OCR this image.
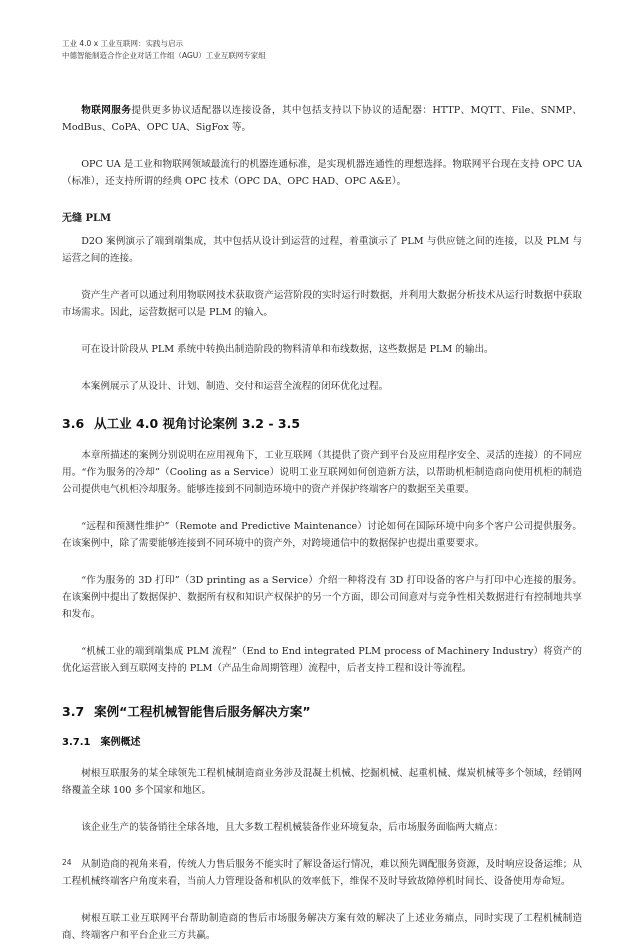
工业 4.0 x 工业互联网：实践与启示
中德智能制造合作企业对话工作组（AGU）工业互联网专家组

物联网服务提供更多协议适配器以连接设备，其中包括支持以下协议的适配器：HTTP、MQTT、File、SNMP、ModBus、CoPA、OPC UA、SigFox 等。

OPC UA 是工业和物联网领域最流行的机器连通标准，是实现机器连通性的理想选择。物联网平台现在支持 OPC UA（标准），还支持所谓的经典 OPC 技术（OPC DA、OPC HAD、OPC A&E）。

无缝 PLM

D2O 案例演示了端到端集成，其中包括从设计到运营的过程，着重演示了 PLM 与供应链之间的连接，以及 PLM 与运营之间的连接。

资产生产者可以通过利用物联网技术获取资产运营阶段的实时运行时数据，并利用大数据分析技术从运行时数据中获取市场需求。因此，运营数据可以是 PLM 的输入。

可在设计阶段从 PLM 系统中转换出制造阶段的物料清单和布线数据，这些数据是 PLM 的输出。

本案例展示了从设计、计划、制造、交付和运营全流程的闭环优化过程。

3.6 从工业 4.0 视角讨论案例 3.2 - 3.5

本章所描述的案例分别说明在应用视角下，工业互联网（其提供了资产到平台及应用程序安全、灵活的连接）的不同应用。“作为服务的冷却”（Cooling as a Service）说明工业互联网如何创造新方法，以帮助机柜制造商向使用机柜的制造公司提供电气机柜冷却服务。能够连接到不同制造环境中的资产并保护终端客户的数据至关重要。

“远程和预测性维护”（Remote and Predictive Maintenance）讨论如何在国际环境中向多个客户公司提供服务。在该案例中，除了需要能够连接到不同环境中的资产外，对跨境通信中的数据保护也提出重要要求。

“作为服务的 3D 打印”（3D printing as a Service）介绍一种将没有 3D 打印设备的客户与打印中心连接的服务。在该案例中提出了数据保护、数据所有权和知识产权保护的另一个方面，即公司间意对与竞争性相关数据进行有控制地共享和发布。

“机械工业的端到端集成 PLM 流程”（End to End integrated PLM process of Machinery Industry）将资产的优化运营嵌入到互联网支持的 PLM（产品生命周期管理）流程中，后者支持工程和设计等流程。

3.7 案例“工程机械智能售后服务解决方案”
3.7.1 案例概述

树根互联服务的某全球领先工程机械制造商业务涉及混凝土机械、挖掘机械、起重机械、煤炭机械等多个领域，经销网络覆盖全球 100 多个国家和地区。

该企业生产的装备销往全球各地，且大多数工程机械装备作业环境复杂，后市场服务面临两大痛点：

从制造商的视角来看，传统人力售后服务不能实时了解设备运行情况，难以预先调配服务资源，及时响应设备运维；从工程机械终端客户角度来看，当前人力管理设备和机队的效率低下，维保不及时导致故障停机时间长、设备使用寿命短。

树根互联工业互联网平台帮助制造商的售后市场服务解决方案有效的解决了上述业务痛点，同时实现了工程机械制造商、终端客户和平台企业三方共赢。

24
